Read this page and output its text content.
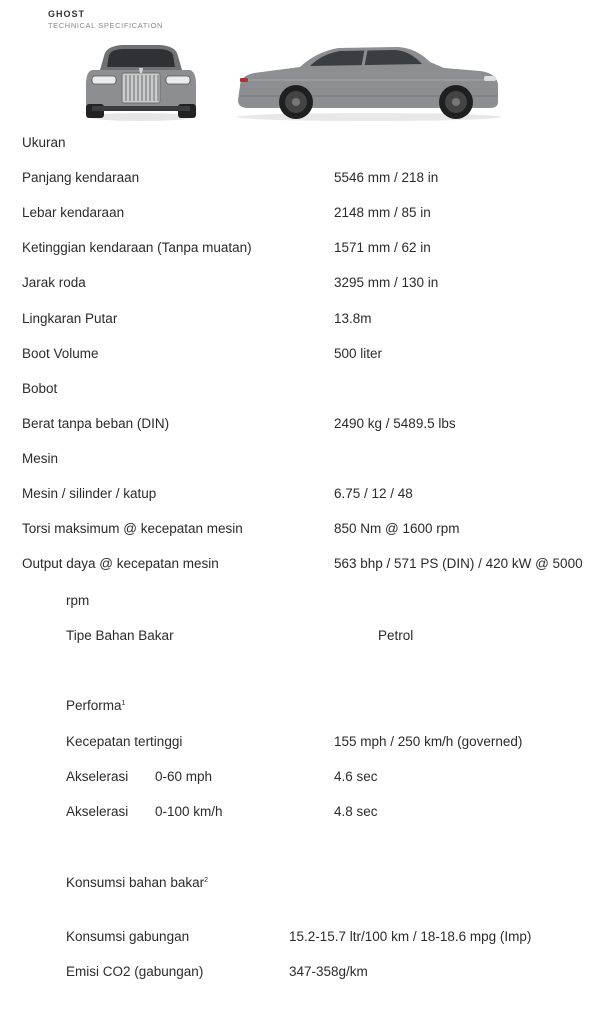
GHOST
TECHNICAL SPECIFICATION
Ukuran
Panjang kendaraan	5546 mm / 218 in
Lebar kendaraan	2148 mm / 85 in
Ketinggian kendaraan (Tanpa muatan)	1571 mm / 62 in
Jarak roda	3295 mm / 130 in
Lingkaran Putar	13.8m
Boot Volume	500 liter
Bobot
Berat tanpa beban (DIN)	2490 kg / 5489.5 lbs
Mesin
Mesin / silinder / katup	6.75 / 12 / 48
Torsi maksimum @ kecepatan mesin	850 Nm @ 1600 rpm
Output daya @ kecepatan mesin	563 bhp / 571 PS (DIN) / 420 kW @ 5000
rpm
Tipe Bahan Bakar	Petrol
Performa$^1$
Kecepatan tertinggi	155 mph / 250 km/h (governed)
Akselerasi 0-60 mph	4.6 sec
Akselerasi 0-100 km/h	4.8 sec
Konsumsi bahan bakar$^2$
Konsumsi gabungan	15.2-15.7 ltr/100 km / 18-18.6 mpg (Imp)
Emisi CO2 (gabungan)	347-358g/km
